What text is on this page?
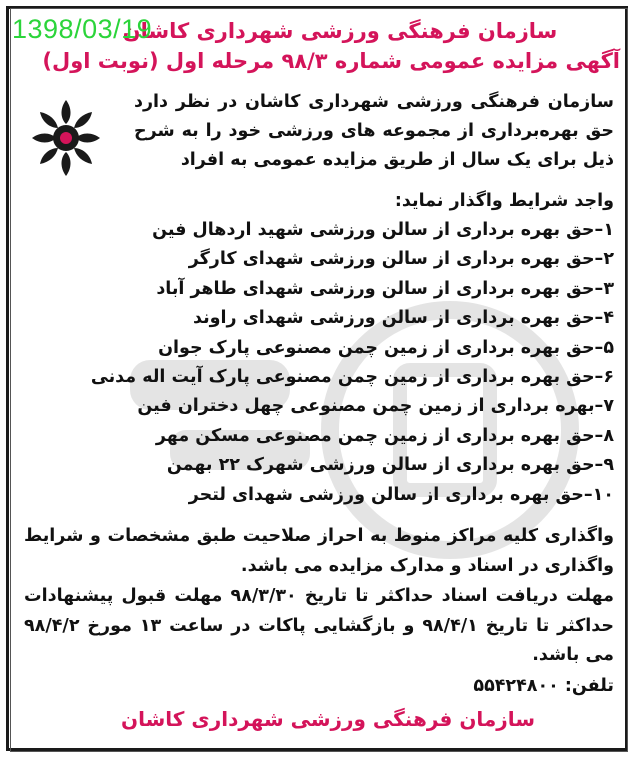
1398/03/19
سازمان فرهنگی ورزشی شهرداری کاشان
آگهی مزایده عمومی شماره ۹۸/۳ مرحله اول (نوبت اول)
سازمان فرهنگی ورزشی شهرداری کاشان در نظر دارد حق بهره‌برداری از مجموعه های ورزشی خود را به شرح ذیل برای یک سال از طریق مزایده عمومی به افراد
واجد شرایط واگذار نماید:
۱–حق بهره برداری از سالن ورزشی شهید اردهال فین
۲–حق بهره برداری از سالن ورزشی شهدای کارگر
۳–حق بهره برداری از سالن ورزشی شهدای طاهر آباد
۴–حق بهره برداری از سالن ورزشی شهدای راوند
۵–حق بهره برداری از زمین چمن مصنوعی پارک جوان
۶–حق بهره برداری از زمین چمن مصنوعی پارک آیت اله مدنی
۷–بهره برداری از زمین چمن مصنوعی چهل دختران فین
۸–حق بهره برداری از زمین چمن مصنوعی مسکن مهر
۹–حق بهره برداری از سالن ورزشی شهرک ۲۲ بهمن
۱۰–حق بهره برداری از سالن ورزشی شهدای لتحر
واگذاری کلیه مراکز منوط به احراز صلاحیت طبق مشخصات و شرایط واگذاری در اسناد و مدارک مزایده می باشد.
مهلت دریافت اسناد حداکثر تا تاریخ ۹۸/۳/۳۰ مهلت قبول پیشنهادات حداکثر تا تاریخ ۹۸/۴/۱ و بازگشایی پاکات در ساعت ۱۳ مورخ ۹۸/۴/۲ می باشد.
تلفن: ۵۵۴۲۴۸۰۰
سازمان فرهنگی ورزشی شهرداری کاشان
